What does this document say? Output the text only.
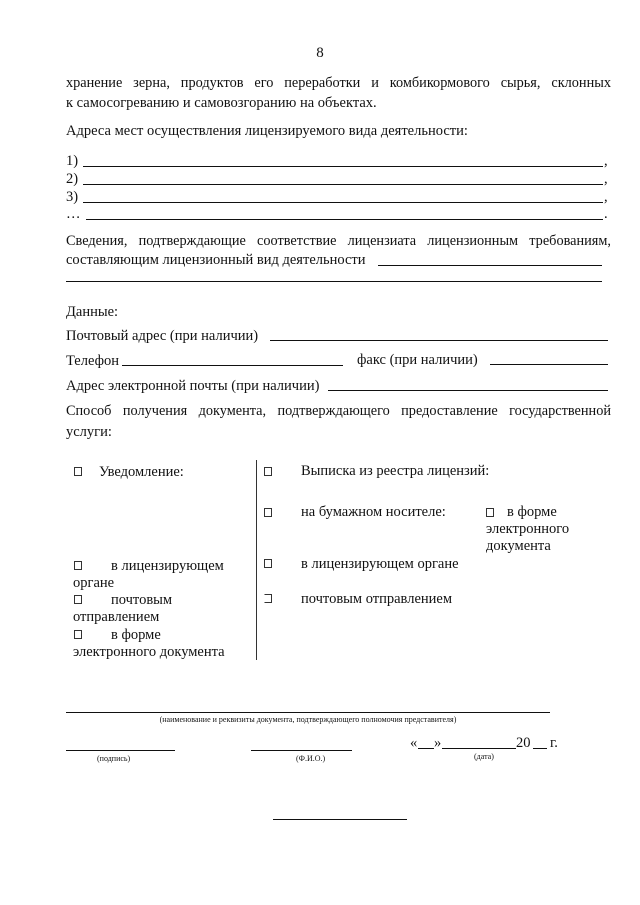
8
хранение зерна, продуктов его переработки и комбикормового сырья, склонных
к самосогреванию и самовозгоранию на объектах.
Адреса мест осуществления лицензируемого вида деятельности:
1)	,
2)	,
3)	,
…	.
Сведения, подтверждающие соответствие лицензиата лицензионным требованиям,
составляющим лицензионный вид деятельности
Данные:
Почтовый адрес (при наличии)
Телефон	факс (при наличии)
Адрес электронной почты (при наличии)
Способ получения документа, подтверждающего предоставление государственной
услуги:
Уведомление:
в лицензирующем
органе
почтовым
отправлением
в форме
электронного документа
Выписка из реестра лицензий:
на бумажном носителе:	в форме
электронного
документа
в лицензирующем органе
почтовым отправлением
(наименование и реквизиты документа, подтверждающего полномочия представителя)
(подпись)	(Ф.И.О.)
« »	20 г.
(дата)
